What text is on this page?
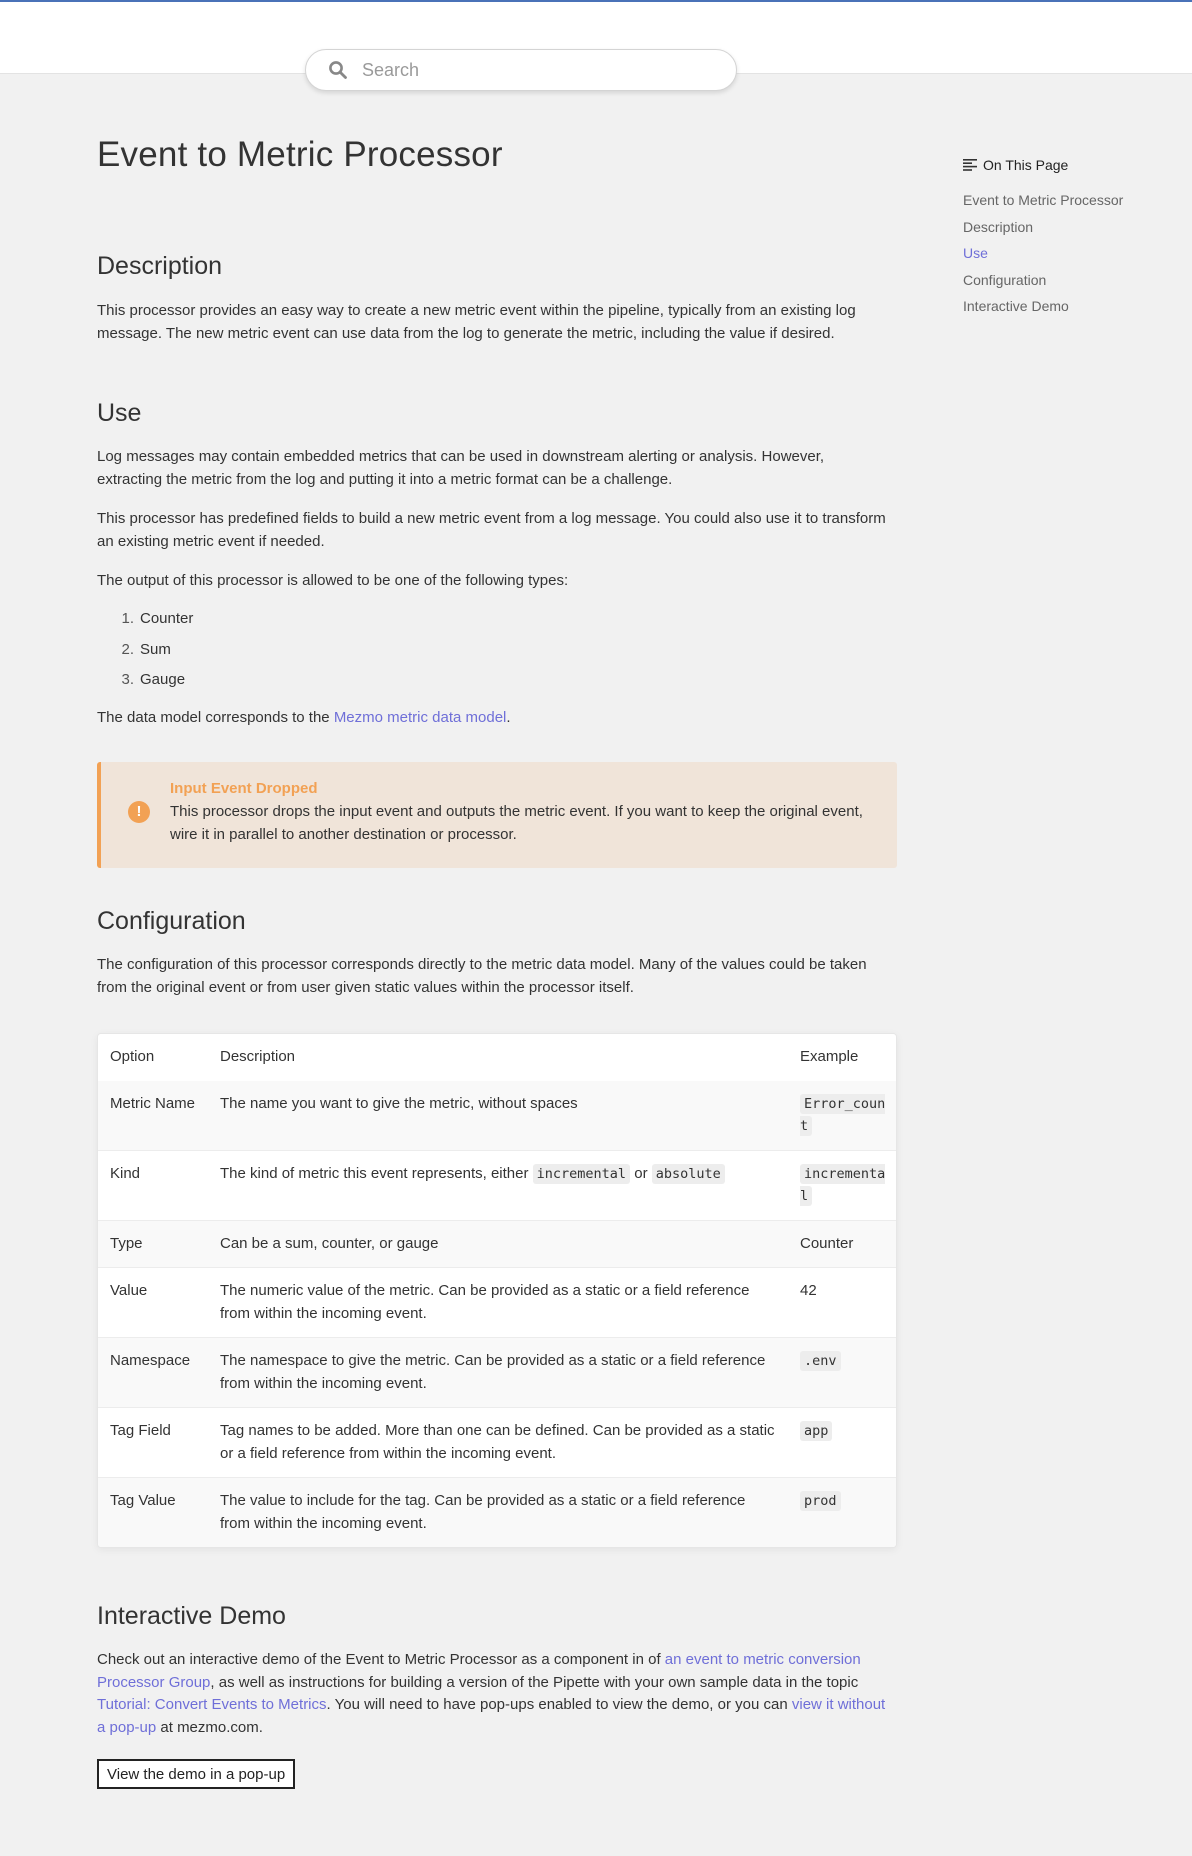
Search
Event to Metric Processor
Description

This processor provides an easy way to create a new metric event within the pipeline, typically from an existing log message. The new metric event can use data from the log to generate the metric, including the value if desired.

Use

Log messages may contain embedded metrics that can be used in downstream alerting or analysis. However, extracting the metric from the log and putting it into a metric format can be a challenge.

This processor has predefined fields to build a new metric event from a log message. You could also use it to transform an existing metric event if needed.

The output of this processor is allowed to be one of the following types:

1. Counter
2. Sum
3. Gauge

The data model corresponds to the Mezmo metric data model.

!
Input Event Dropped
This processor drops the input event and outputs the metric event. If you want to keep the original event, wire it in parallel to another destination or processor.
Configuration

The configuration of this processor corresponds directly to the metric data model. Many of the values could be taken from the original event or from user given static values within the processor itself.

Option	Description	Example
Metric Name	The name you want to give the metric, without spaces	Error_count
Kind	The kind of metric this event represents, either incremental or absolute	incremental
Type	Can be a sum, counter, or gauge	Counter
Value	The numeric value of the metric. Can be provided as a static or a field reference from within the incoming event.	42
Namespace	The namespace to give the metric. Can be provided as a static or a field reference from within the incoming event.	.env
Tag Field	Tag names to be added. More than one can be defined. Can be provided as a static or a field reference from within the incoming event.	app
Tag Value	The value to include for the tag. Can be provided as a static or a field reference from within the incoming event.	prod
Interactive Demo

Check out an interactive demo of the Event to Metric Processor as a component in of an event to metric conversion Processor Group, as well as instructions for building a version of the Pipette with your own sample data in the topic Tutorial: Convert Events to Metrics. You will need to have pop-ups enabled to view the demo, or you can view it without a pop-up at mezmo.com.

View the demo in a pop-up
On This Page
Event to Metric Processor
Description
Use
Configuration
Interactive Demo
